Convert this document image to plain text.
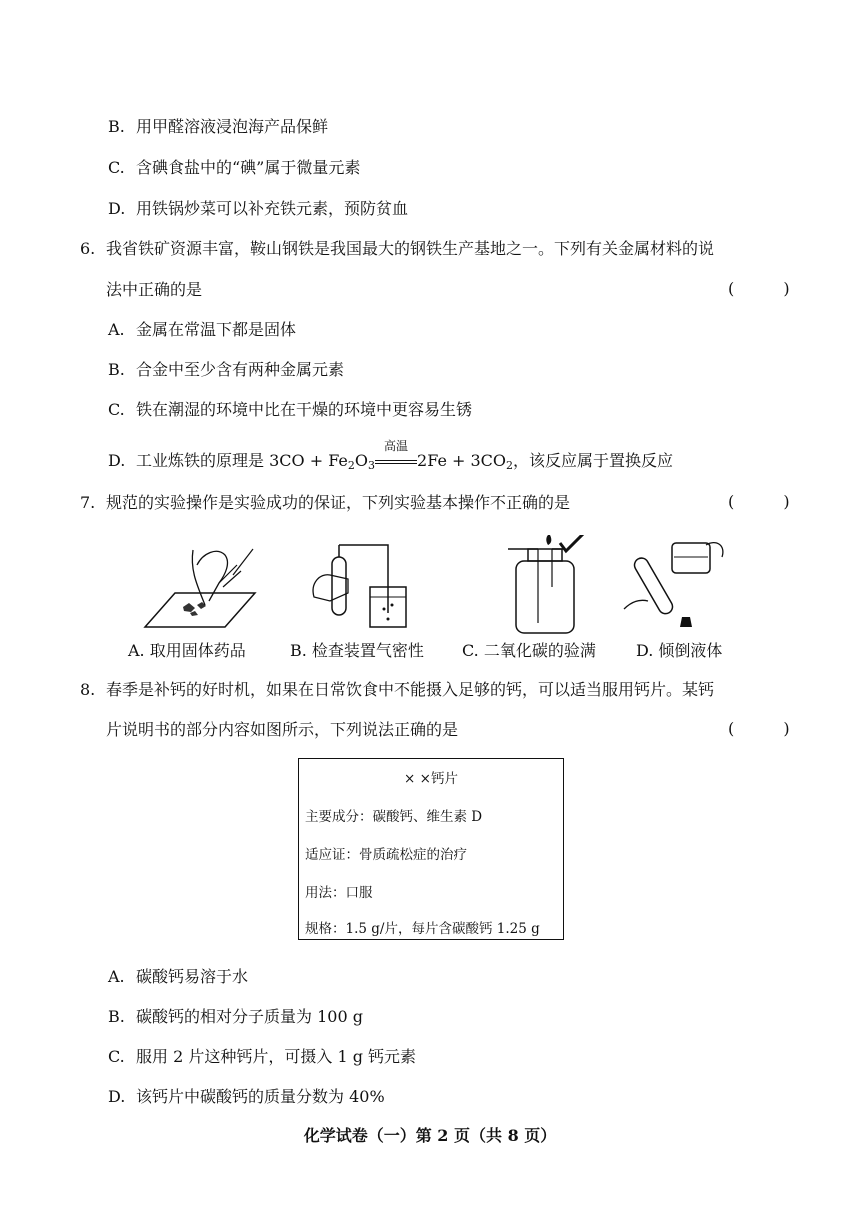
B. 用甲醛溶液浸泡海产品保鲜
C. 含碘食盐中的“碘”属于微量元素
D. 用铁锅炒菜可以补充铁元素，预防贫血
6. 我省铁矿资源丰富，鞍山钢铁是我国最大的钢铁生产基地之一。下列有关金属材料的说
法中正确的是	( )
A. 金属在常温下都是固体
B. 合金中至少含有两种金属元素
C. 铁在潮湿的环境中比在干燥的环境中更容易生锈
D. 工业炼铁的原理是 $3CO + Fe_2O_3$
高温
$2Fe + 3CO_2$，该反应属于置换反应
7. 规范的实验操作是实验成功的保证，下列实验基本操作不正确的是	( )
A. 取用固体药品	B. 检查装置气密性 C. 二氧化碳的验满	D. 倾倒液体
8. 春季是补钙的好时机，如果在日常饮食中不能摄入足够的钙，可以适当服用钙片。某钙
片说明书的部分内容如图所示，下列说法正确的是	( )
× ×钙片
主要成分：碳酸钙、维生素 D
适应证：骨质疏松症的治疗
用法：口服
规格：1.5 g/片，每片含碳酸钙 1.25 g
A. 碳酸钙易溶于水
B. 碳酸钙的相对分子质量为 100 g
C. 服用 2 片这种钙片，可摄入 1 g 钙元素
D. 该钙片中碳酸钙的质量分数为 40%
化学试卷（一）第 2 页（共 8 页）
